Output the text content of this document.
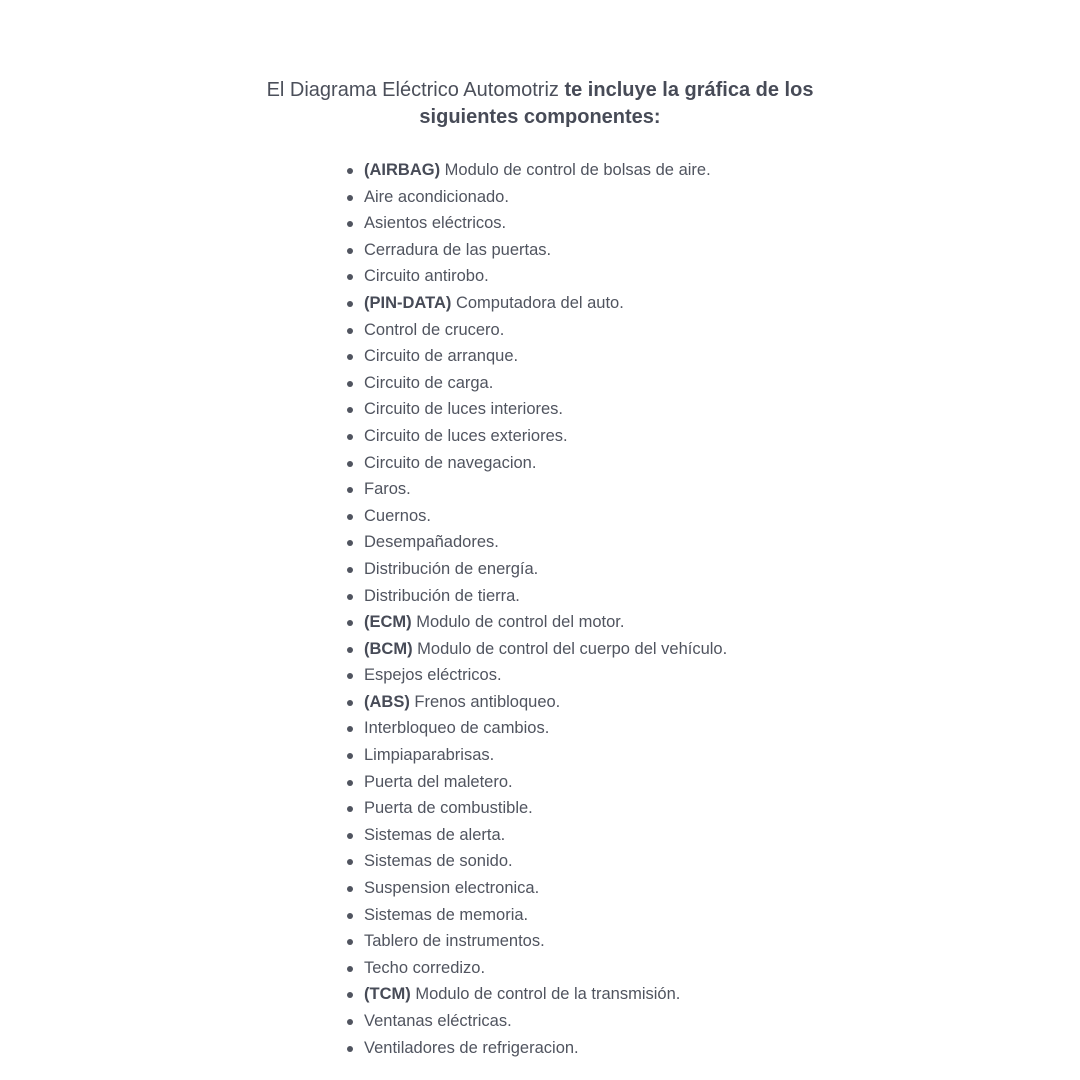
El Diagrama Eléctrico Automotriz te incluye la gráfica de los siguientes componentes:
(AIRBAG) Modulo de control de bolsas de aire.
Aire acondicionado.
Asientos eléctricos.
Cerradura de las puertas.
Circuito antirobo.
(PIN-DATA) Computadora del auto.
Control de crucero.
Circuito de arranque.
Circuito de carga.
Circuito de luces interiores.
Circuito de luces exteriores.
Circuito de navegacion.
Faros.
Cuernos.
Desempañadores.
Distribución de energía.
Distribución de tierra.
(ECM) Modulo de control del motor.
(BCM) Modulo de control del cuerpo del vehículo.
Espejos eléctricos.
(ABS) Frenos antibloqueo.
Interbloqueo de cambios.
Limpiaparabrisas.
Puerta del maletero.
Puerta de combustible.
Sistemas de alerta.
Sistemas de sonido.
Suspension electronica.
Sistemas de memoria.
Tablero de instrumentos.
Techo corredizo.
(TCM) Modulo de control de la transmisión.
Ventanas eléctricas.
Ventiladores de refrigeracion.
